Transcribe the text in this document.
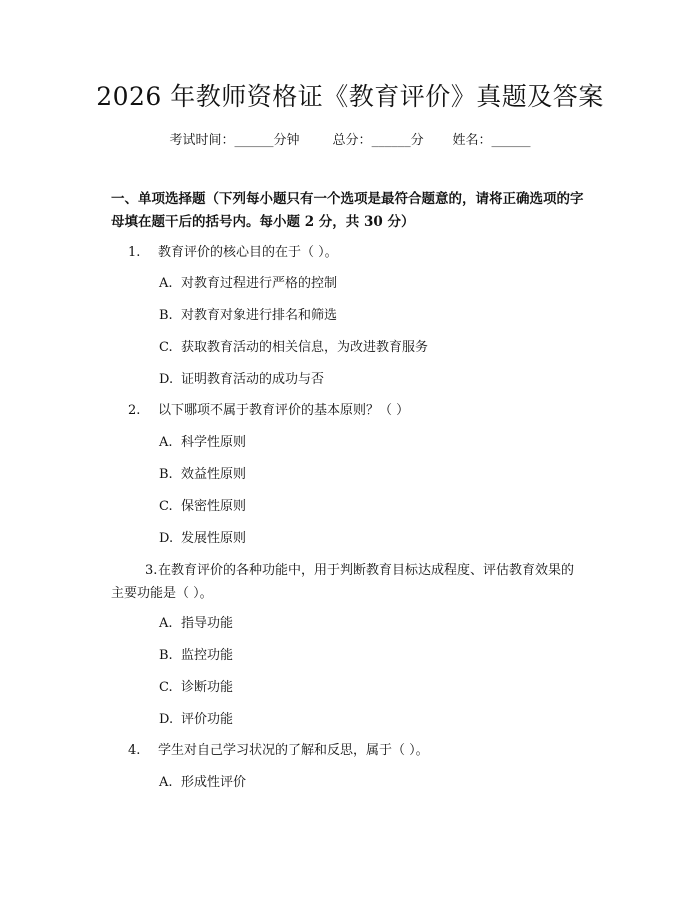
2026 年教师资格证《教育评价》真题及答案
考试时间：______分钟	总分：______分 姓名：______
一、单项选择题（下列每小题只有一个选项是最符合题意的，请将正确选项的字母填在题干后的括号内。每小题 2 分，共 30 分）
1. 教育评价的核心目的在于（ ）。
A. 对教育过程进行严格的控制
B. 对教育对象进行排名和筛选
C. 获取教育活动的相关信息，为改进教育服务
D. 证明教育活动的成功与否
2. 以下哪项不属于教育评价的基本原则？（ ）
A. 科学性原则
B. 效益性原则
C. 保密性原则
D. 发展性原则
3.在教育评价的各种功能中，用于判断教育目标达成程度、评估教育效果的主要功能是（ ）。
A. 指导功能
B. 监控功能
C. 诊断功能
D. 评价功能
4. 学生对自己学习状况的了解和反思，属于（ ）。
A. 形成性评价
